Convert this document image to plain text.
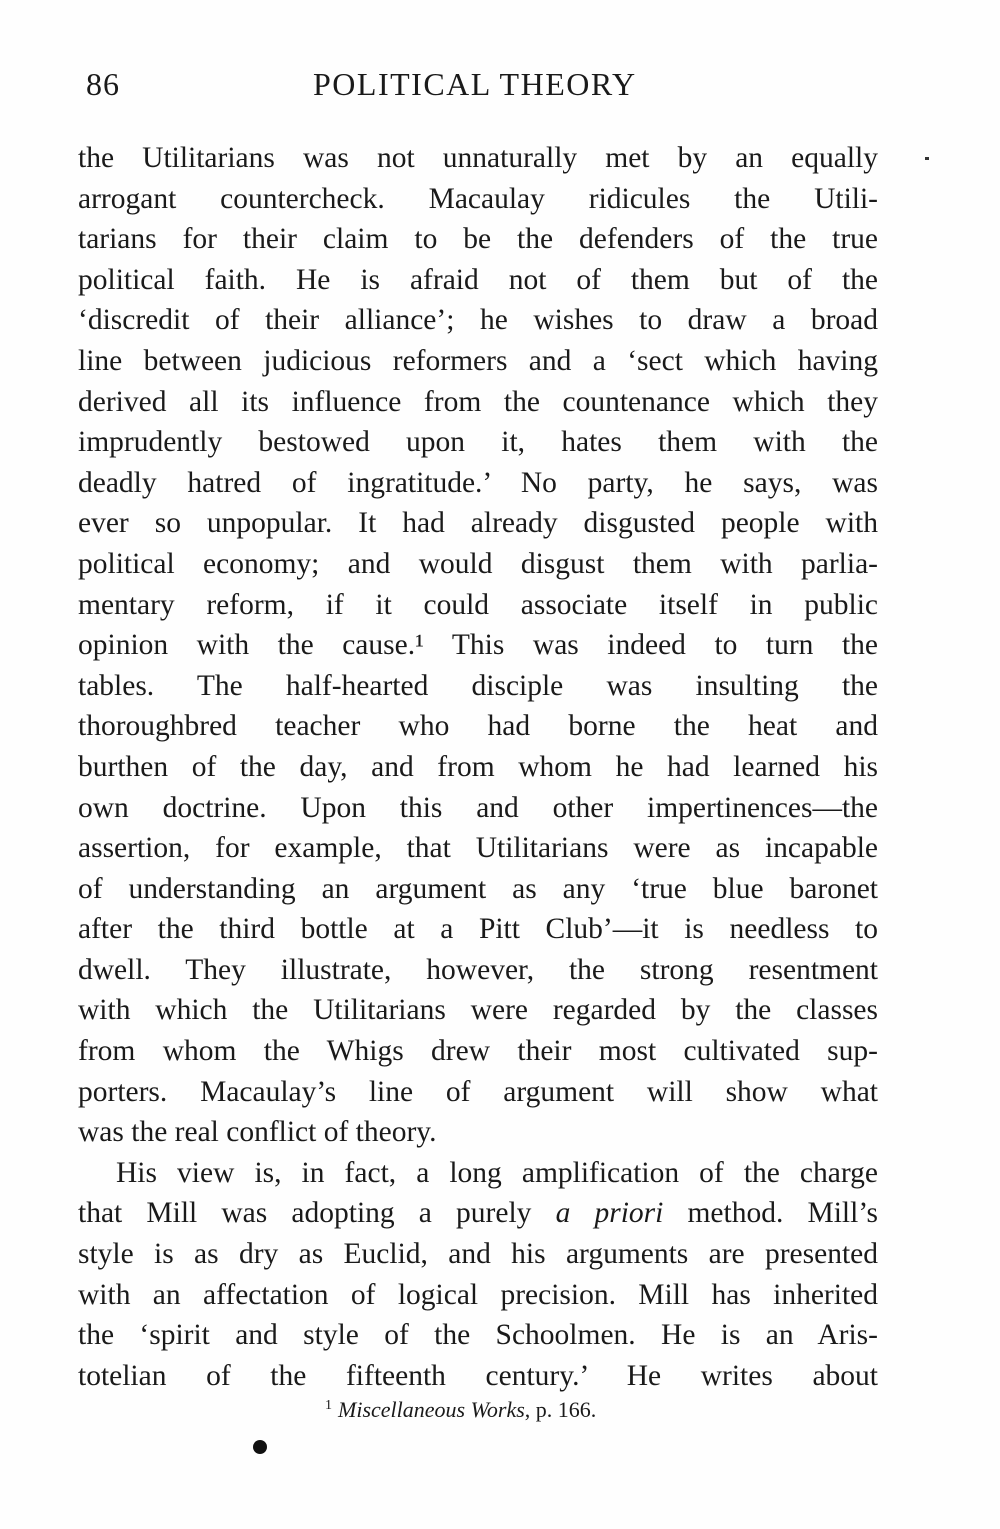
86	POLITICAL THEORY
the Utilitarians was not unnaturally met by an equally
arrogant countercheck. Macaulay ridicules the Utili-
tarians for their claim to be the defenders of the true
political faith. He is afraid not of them but of the
‘discredit of their alliance’; he wishes to draw a broad
line between judicious reformers and a ‘sect which having
derived all its influence from the countenance which they
imprudently bestowed upon it, hates them with the
deadly hatred of ingratitude.’ No party, he says, was
ever so unpopular. It had already disgusted people with
political economy; and would disgust them with parlia-
mentary reform, if it could associate itself in public
opinion with the cause.¹ This was indeed to turn the
tables. The half-hearted disciple was insulting the
thoroughbred teacher who had borne the heat and
burthen of the day, and from whom he had learned his
own doctrine. Upon this and other impertinences—the
assertion, for example, that Utilitarians were as incapable
of understanding an argument as any ‘true blue baronet
after the third bottle at a Pitt Club’—it is needless to
dwell. They illustrate, however, the strong resentment
with which the Utilitarians were regarded by the classes
from whom the Whigs drew their most cultivated sup-
porters. Macaulay’s line of argument will show what
was the real conflict of theory.
His view is, in fact, a long amplification of the charge
that Mill was adopting a purely a priori method. Mill’s
style is as dry as Euclid, and his arguments are presented
with an affectation of logical precision. Mill has inherited
the ‘spirit and style of the Schoolmen. He is an Aris-
totelian of the fifteenth century.’ He writes about
$^1$ Miscellaneous Works, p. 166.
